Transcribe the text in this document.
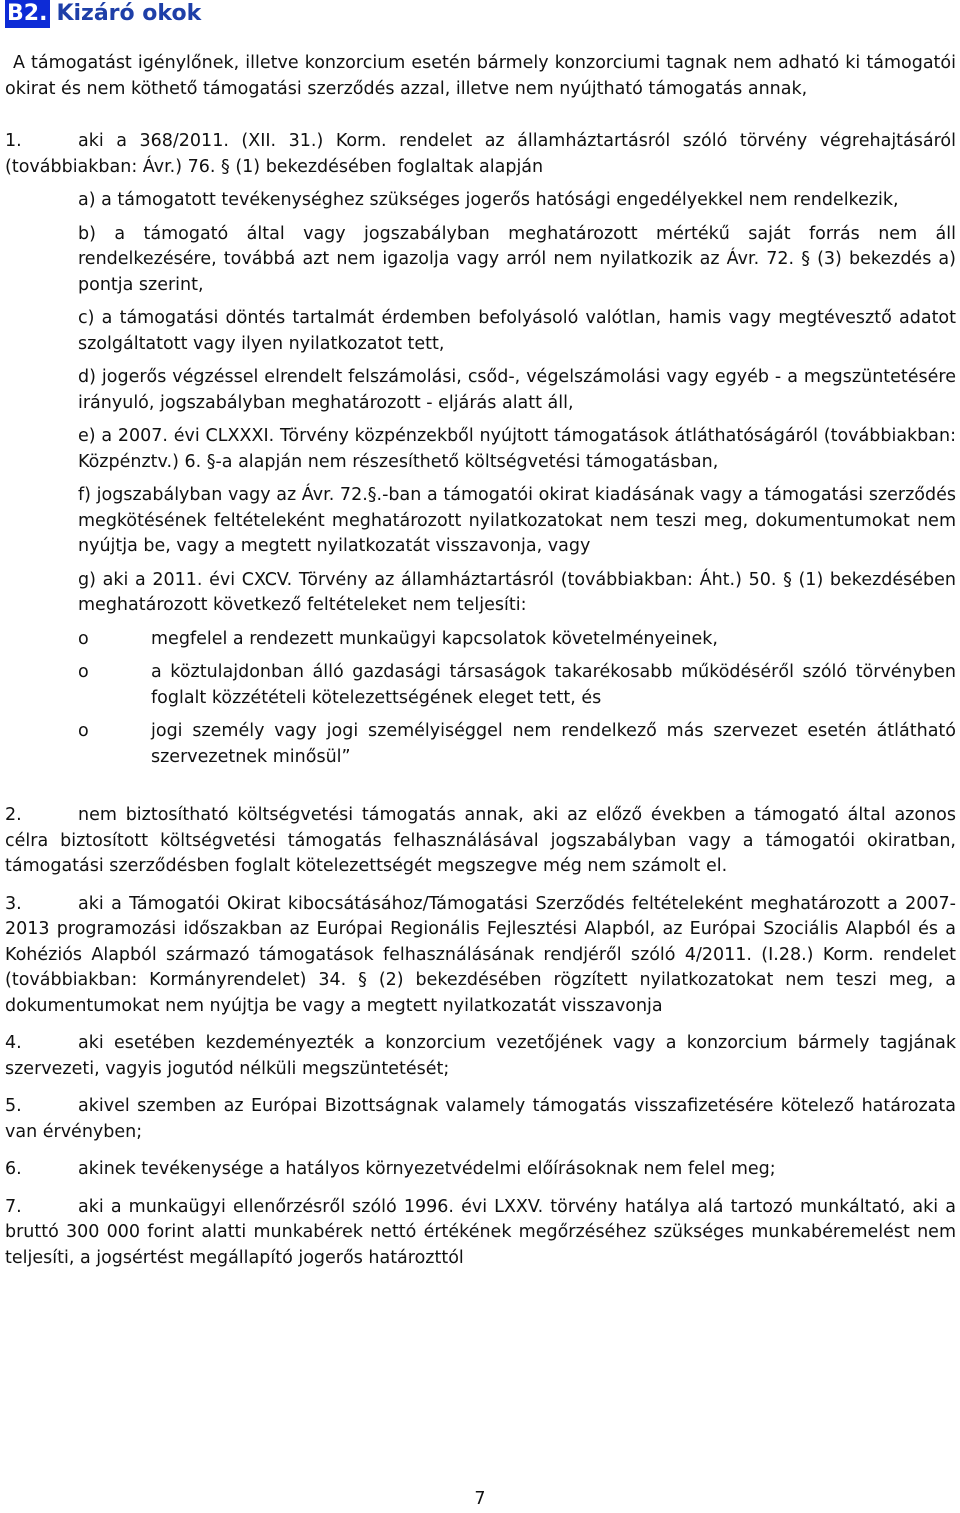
B2. Kizáró okok

A támogatást igénylőnek, illetve konzorcium esetén bármely konzorciumi tagnak nem adható ki támogatói okirat és nem köthető támogatási szerződés azzal, illetve nem nyújtható támogatás annak,

1.	aki a 368/2011. (XII. 31.) Korm. rendelet az államháztartásról szóló törvény végrehajtásáról (továbbiakban: Ávr.) 76. § (1) bekezdésében foglaltak alapján

a) a támogatott tevékenységhez szükséges jogerős hatósági engedélyekkel nem rendelkezik,

b) a támogató által vagy jogszabályban meghatározott mértékű saját forrás nem áll rendelkezésére, továbbá azt nem igazolja vagy arról nem nyilatkozik az Ávr. 72. § (3) bekezdés a) pontja szerint,

c) a támogatási döntés tartalmát érdemben befolyásoló valótlan, hamis vagy megtévesztő adatot szolgáltatott vagy ilyen nyilatkozatot tett,

d) jogerős végzéssel elrendelt felszámolási, csőd-, végelszámolási vagy egyéb - a megszüntetésére irányuló, jogszabályban meghatározott - eljárás alatt áll,

e) a 2007. évi CLXXXI. Törvény közpénzekből nyújtott támogatások átláthatóságáról (továbbiakban: Közpénztv.) 6. §-a alapján nem részesíthető költségvetési támogatásban,

f) jogszabályban vagy az Ávr. 72.§.-ban a támogatói okirat kiadásának vagy a támogatási szerződés megkötésének feltételeként meghatározott nyilatkozatokat nem teszi meg, dokumentumokat nem nyújtja be, vagy a megtett nyilatkozatát visszavonja, vagy

g) aki a 2011. évi CXCV. Törvény az államháztartásról (továbbiakban: Áht.) 50. § (1) bekezdésében meghatározott következő feltételeket nem teljesíti:

o	megfelel a rendezett munkaügyi kapcsolatok követelményeinek,
o	a köztulajdonban álló gazdasági társaságok takarékosabb működéséről szóló törvényben foglalt közzétételi kötelezettségének eleget tett, és
o	jogi személy vagy jogi személyiséggel nem rendelkező más szervezet esetén átlátható szervezetnek minősül”

2.	nem biztosítható költségvetési támogatás annak, aki az előző években a támogató által azonos célra biztosított költségvetési támogatás felhasználásával jogszabályban vagy a támogatói okiratban, támogatási szerződésben foglalt kötelezettségét megszegve még nem számolt el.

3.	aki a Támogatói Okirat kibocsátásához/Támogatási Szerződés feltételeként meghatározott a 2007-2013 programozási időszakban az Európai Regionális Fejlesztési Alapból, az Európai Szociális Alapból és a Kohéziós Alapból származó támogatások felhasználásának rendjéről szóló 4/2011. (I.28.) Korm. rendelet (továbbiakban: Kormányrendelet) 34. § (2) bekezdésében rögzített nyilatkozatokat nem teszi meg, a dokumentumokat nem nyújtja be vagy a megtett nyilatkozatát visszavonja

4.	aki esetében kezdeményezték a konzorcium vezetőjének vagy a konzorcium bármely tagjának szervezeti, vagyis jogutód nélküli megszüntetését;

5.	akivel szemben az Európai Bizottságnak valamely támogatás visszafizetésére kötelező határozata van érvényben;

6.	akinek tevékenysége a hatályos környezetvédelmi előírásoknak nem felel meg;

7.	aki a munkaügyi ellenőrzésről szóló 1996. évi LXXV. törvény hatálya alá tartozó munkáltató, aki a bruttó 300 000 forint alatti munkabérek nettó értékének megőrzéséhez szükséges munkabéremelést nem teljesíti, a jogsértést megállapító jogerős határozttól

7
